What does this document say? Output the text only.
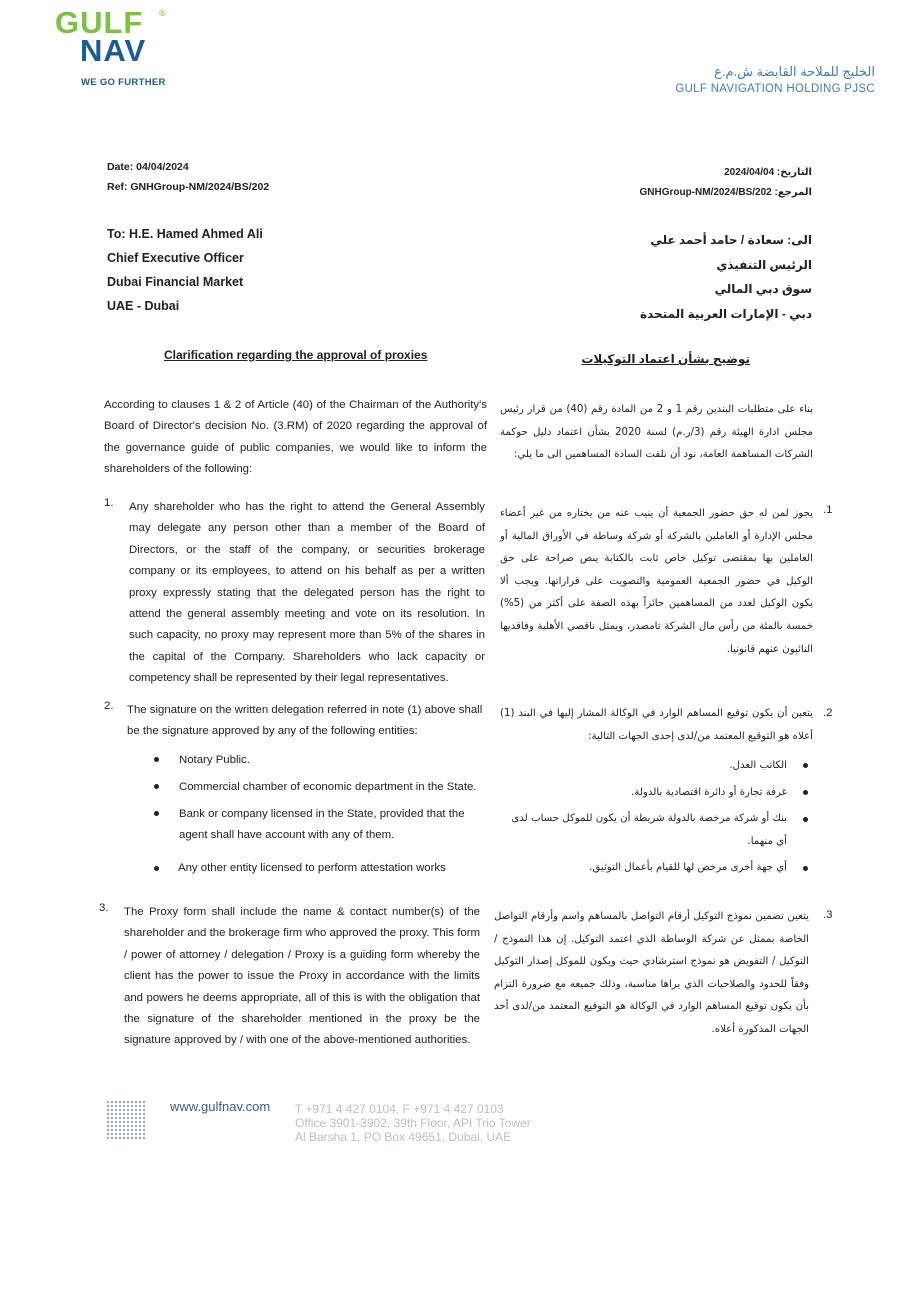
GULF ®
NAV
WE GO FURTHER
الخليج للملاحة القابضة ش.م.ع
GULF NAVIGATION HOLDING PJSC
Date: 04/04/2024
Ref: GNHGroup-NM/2024/BS/202
التاريخ: 2024/04/04
المرجع: GNHGroup-NM/2024/BS/202
To: H.E. Hamed Ahmed Ali
Chief Executive Officer
Dubai Financial Market
UAE - Dubai
الى: سعادة / حامد أحمد علي
الرئيس التنفيذي
سوق دبي المالي
دبي - الإمارات العربية المتحدة
Clarification regarding the approval of proxies	توضيح بشأن اعتماد التوكيلات
According to clauses 1 & 2 of Article (40) of the Chairman of the Authority's Board of Director's decision No. (3.RM) of 2020 regarding the approval of the governance guide of public companies, we would like to inform the shareholders of the following:
بناء على متطلبات البندين رقم 1 و 2 من المادة رقم (40) من قرار رئيس مجلس ادارة الهيئة رقم (3/ر.م) لسنة 2020 بشأن اعتماد دليل حوكمة الشركات المساهمة العامة، نود أن نلفت السادة المساهمين الى ما يلي:
1. Any shareholder who has the right to attend the General Assembly may delegate any person other than a member of the Board of Directors, or the staff of the company, or securities brokerage company or its employees, to attend on his behalf as per a written proxy expressly stating that the delegated person has the right to attend the general assembly meeting and vote on its resolution. In such capacity, no proxy may represent more than 5% of the shares in the capital of the Company. Shareholders who lack capacity or competency shall be represented by their legal representatives.
.1
يجوز لمن له حق حضور الجمعية أن ينيب عنه من يختاره من غير أعضاء مجلس الإدارة أو العاملين بالشركة أو شركة وساطة في الأوراق المالية أو العاملين بها بمقتضى توكيل خاص ثابت بالكتابة ينص صراحة على حق الوكيل في حضور الجمعية العمومية والتصويت على قراراتها. ويجب ألا يكون الوكيل لعدد من المساهمين حائزاً بهذه الصفة على أكثر من (5%) خمسة بالمئة من رأس مال الشركة تامصدر، ويمثل ناقصي الأهلية وفاقديها النائبون عنهم قانونيا.
2. The signature on the written delegation referred in note (1) above shall be the signature approved by any of the following entities:
.2
يتعين أن يكون توقيع المساهم الوارد في الوكالة المشار إليها في البند (1) أعلاه هو التوقيع المعتمد من/لدى إحدى الجهات التالية:
Notary Public.
Commercial chamber of economic department in the State.
Bank or company licensed in the State, provided that the agent shall have account with any of them.
Any other entity licensed to perform attestation works
الكاتب العدل.
غرفة تجارة أو دائرة اقتصادية بالدولة.
بنك أو شركة مرخصة بالدولة شريطة أن يكون للموكل حساب لدى أي منهما.
أي جهة أخرى مرخص لها للقيام بأعمال التوثيق.
3. The Proxy form shall include the name & contact number(s) of the shareholder and the brokerage firm who approved the proxy. This form / power of attorney / delegation / Proxy is a guiding form whereby the client has the power to issue the Proxy in accordance with the limits and powers he deems appropriate, all of this is with the obligation that the signature of the shareholder mentioned in the proxy be the signature approved by / with one of the above-mentioned authorities.
.3
يتعين تضمين نموذج التوكيل أرقام التواصل بالمساهم واسم وأرقام التواصل الخاصة بممثل عن شركة الوساطة الذي اعتمد التوكيل. إن هذا النموذج / التوكيل / التفويض هو نموذج استرشادي حيث ويكون للموكل إصدار التوكيل وفقاً للحدود والصلاحيات الذي يراها مناسبة، وذلك جميعه مع ضرورة التزام بأن يكون توقيع المساهم الوارد في الوكالة هو التوقيع المعتمد من/لدى أحد الجهات المذكورة أعلاه.
www.gulfnav.com T +971 4 427 0104, F +971 4 427 0103
Office 3901-3902, 39th Floor, API Trio Tower
Al Barsha 1, PO Box 49651, Dubai, UAE
